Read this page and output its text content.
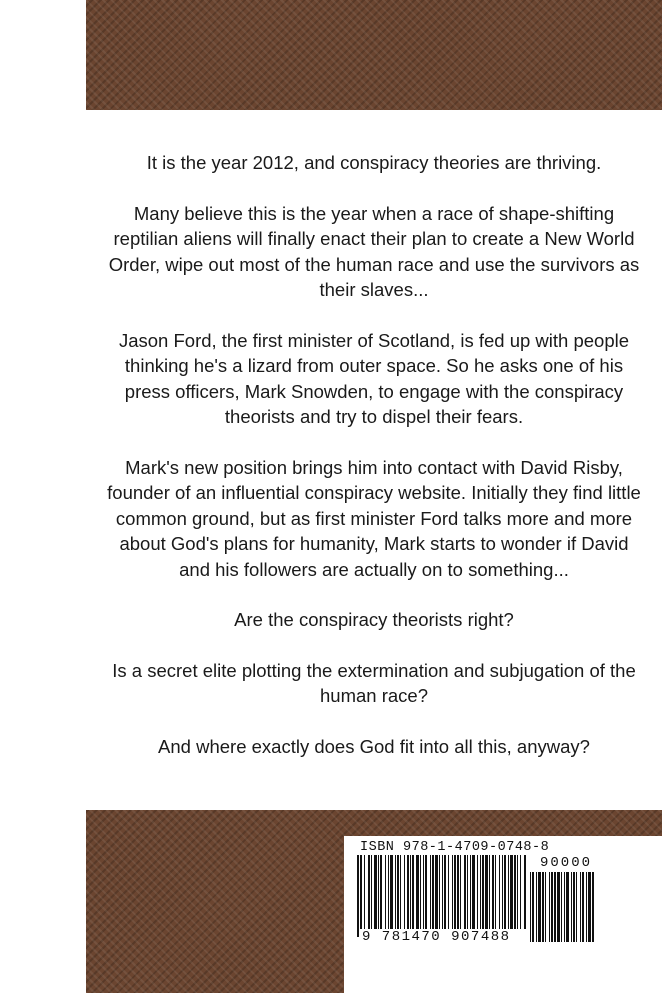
It is the year 2012, and conspiracy theories are thriving.

Many believe this is the year when a race of shape-shifting reptilian aliens will finally enact their plan to create a New World Order, wipe out most of the human race and use the survivors as their slaves...

Jason Ford, the first minister of Scotland, is fed up with people thinking he's a lizard from outer space. So he asks one of his press officers, Mark Snowden, to engage with the conspiracy theorists and try to dispel their fears.

Mark's new position brings him into contact with David Risby, founder of an influential conspiracy website. Initially they find little common ground, but as first minister Ford talks more and more about God's plans for humanity, Mark starts to wonder if David and his followers are actually on to something...

Are the conspiracy theorists right?

Is a secret elite plotting the extermination and subjugation of the human race?

And where exactly does God fit into all this, anyway?

ISBN 978-1-4709-0748-8
90000
9 781470 907488
